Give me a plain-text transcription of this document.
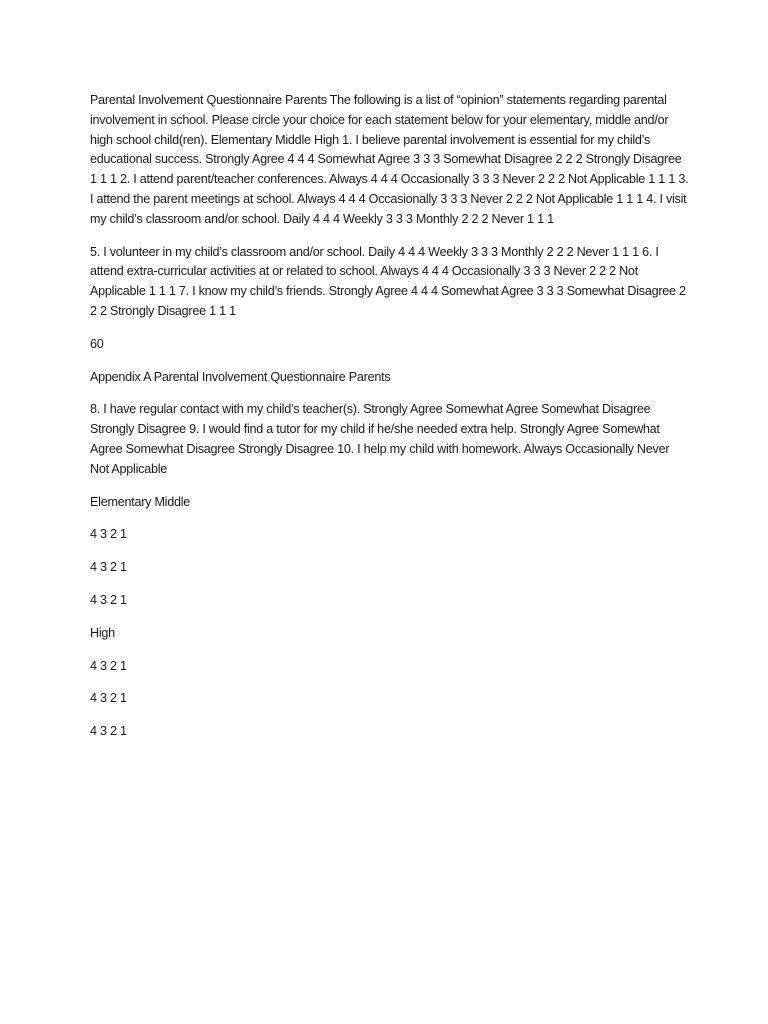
Parental Involvement Questionnaire Parents The following is a list of “opinion” statements regarding parental involvement in school. Please circle your choice for each statement below for your elementary, middle and/or high school child(ren). Elementary Middle High 1. I believe parental involvement is essential for my child’s educational success. Strongly Agree 4 4 4 Somewhat Agree 3 3 3 Somewhat Disagree 2 2 2 Strongly Disagree 1 1 1 2. I attend parent/teacher conferences. Always 4 4 4 Occasionally 3 3 3 Never 2 2 2 Not Applicable 1 1 1 3. I attend the parent meetings at school. Always 4 4 4 Occasionally 3 3 3 Never 2 2 2 Not Applicable 1 1 1 4. I visit my child’s classroom and/or school. Daily 4 4 4 Weekly 3 3 3 Monthly 2 2 2 Never 1 1 1

5. I volunteer in my child’s classroom and/or school. Daily 4 4 4 Weekly 3 3 3 Monthly 2 2 2 Never 1 1 1 6. I attend extra-curricular activities at or related to school. Always 4 4 4 Occasionally 3 3 3 Never 2 2 2 Not Applicable 1 1 1 7. I know my child’s friends. Strongly Agree 4 4 4 Somewhat Agree 3 3 3 Somewhat Disagree 2 2 2 Strongly Disagree 1 1 1

60

Appendix A Parental Involvement Questionnaire Parents

8. I have regular contact with my child’s teacher(s). Strongly Agree Somewhat Agree Somewhat Disagree Strongly Disagree 9. I would find a tutor for my child if he/she needed extra help. Strongly Agree Somewhat Agree Somewhat Disagree Strongly Disagree 10. I help my child with homework. Always Occasionally Never Not Applicable

Elementary Middle

4 3 2 1

4 3 2 1

4 3 2 1

High

4 3 2 1

4 3 2 1

4 3 2 1
